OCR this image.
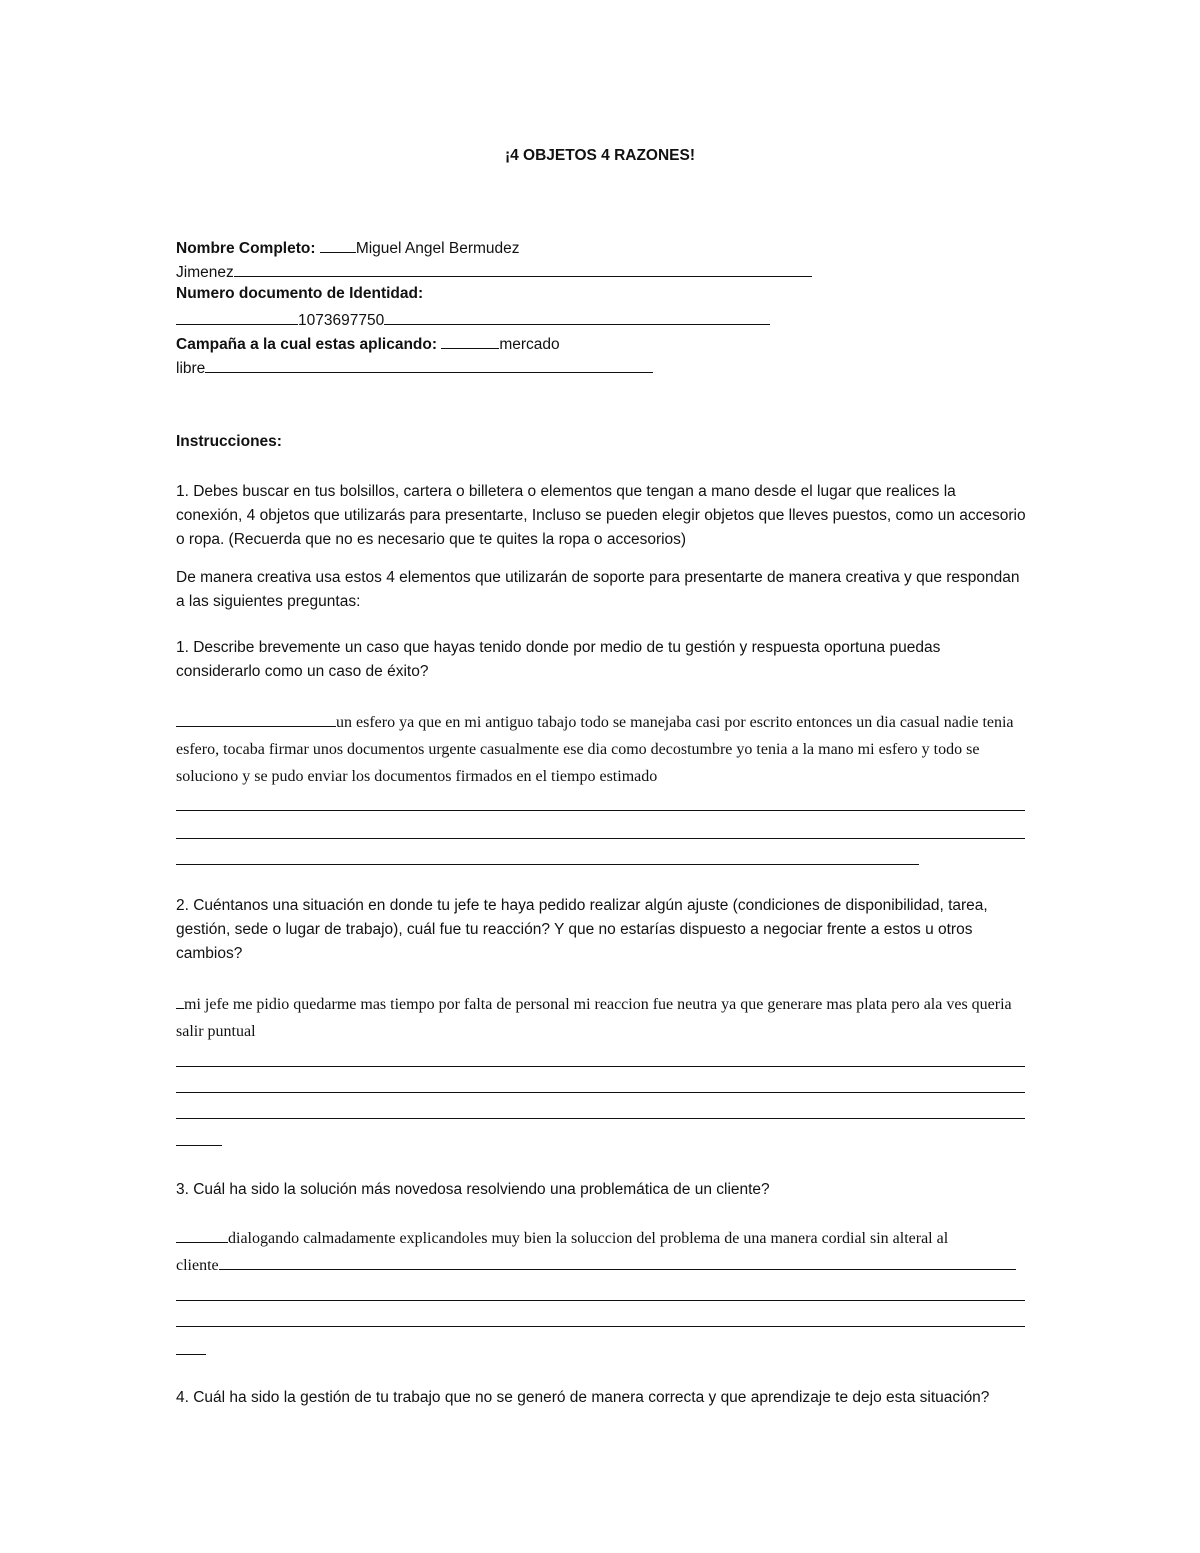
¡4 OBJETOS 4 RAZONES!
Nombre Completo:	Miguel Angel Bermudez
Jimenez
Numero documento de Identidad:
1073697750
Campaña a la cual estas aplicando:	mercado
libre
Instrucciones:
1. Debes buscar en tus bolsillos, cartera o billetera o elementos que tengan a mano desde el lugar que realices la conexión, 4 objetos que utilizarás para presentarte, Incluso se pueden elegir objetos que lleves puestos, como un accesorio o ropa. (Recuerda que no es necesario que te quites la ropa o accesorios)
De manera creativa usa estos 4 elementos que utilizarán de soporte para presentarte de manera creativa y que respondan a las siguientes preguntas:
1. Describe brevemente un caso que hayas tenido donde por medio de tu gestión y respuesta oportuna puedas considerarlo como un caso de éxito?
un esfero ya que en mi antiguo tabajo todo se manejaba casi por escrito entonces un dia casual nadie tenia esfero, tocaba firmar unos documentos urgente casualmente ese dia como decostumbre yo tenia a la mano mi esfero y todo se soluciono y se pudo enviar los documentos firmados en el tiempo estimado
2. Cuéntanos una situación en donde tu jefe te haya pedido realizar algún ajuste (condiciones de disponibilidad, tarea, gestión, sede o lugar de trabajo), cuál fue tu reacción? Y que no estarías dispuesto a negociar frente a estos u otros cambios?
mi jefe me pidio quedarme mas tiempo por falta de personal mi reaccion fue neutra ya que generare mas plata pero ala ves queria salir puntual
3. Cuál ha sido la solución más novedosa resolviendo una problemática de un cliente?
dialogando calmadamente explicandoles muy bien la soluccion del problema de una manera cordial sin alteral al
cliente
4. Cuál ha sido la gestión de tu trabajo que no se generó de manera correcta y que aprendizaje te dejo esta situación?
